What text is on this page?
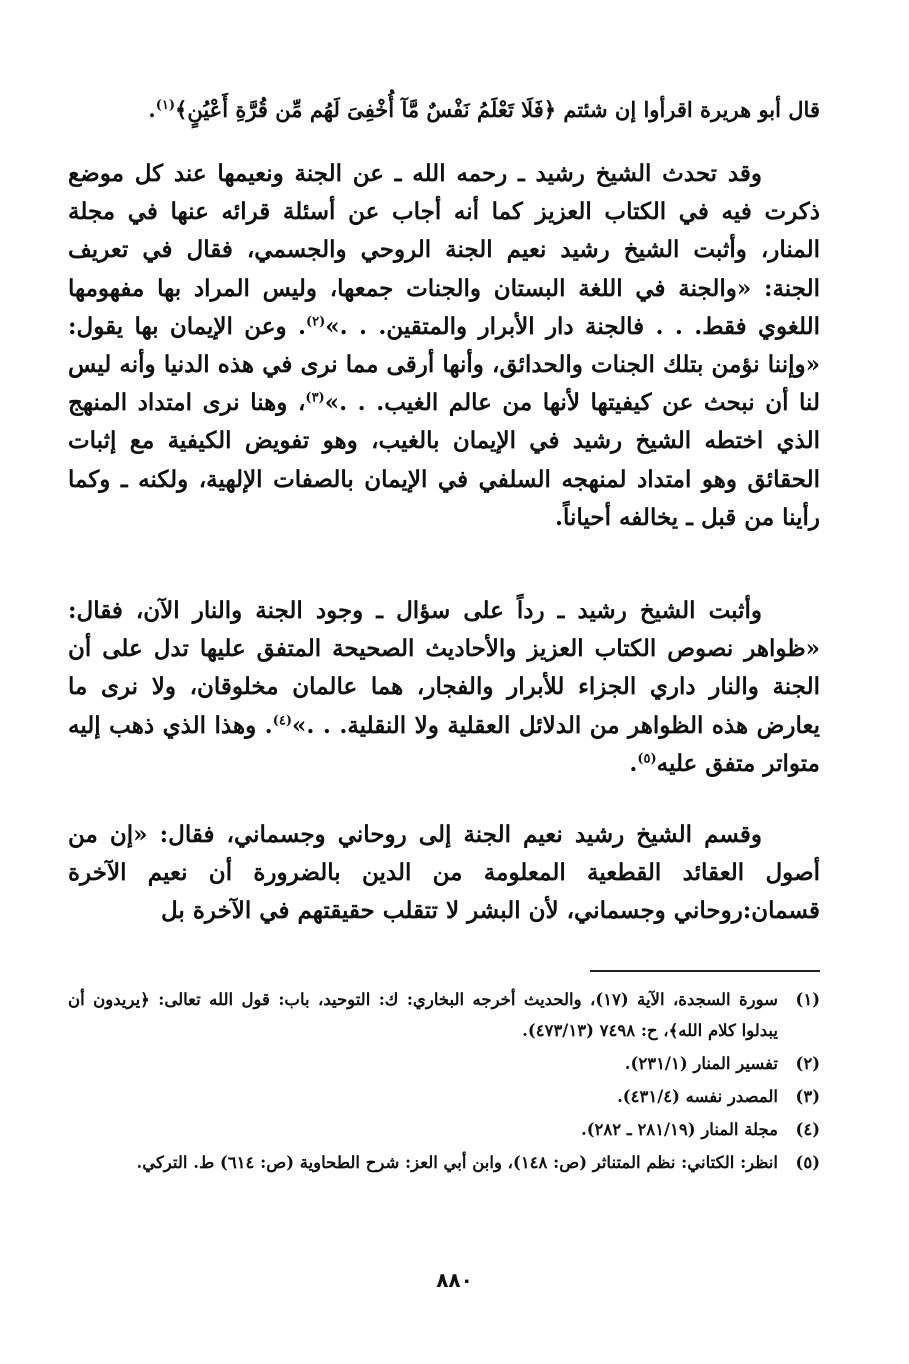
قال أبو هريرة اقرأوا إن شئتم ﴿فَلَا تَعْلَمُ نَفْسٌ مَّآ أُخْفِىَ لَهُم مِّن قُرَّةِ أَعْيُنٍ﴾$^{(١)}$.

وقد تحدث الشيخ رشيد ـ رحمه الله ـ عن الجنة ونعيمها عند كل موضع ذكرت فيه في الكتاب العزيز كما أنه أجاب عن أسئلة قرائه عنها في مجلة المنار، وأثبت الشيخ رشيد نعيم الجنة الروحي والجسمي، فقال في تعريف الجنة: «والجنة في اللغة البستان والجنات جمعها، وليس المراد بها مفهومها اللغوي فقط. . . فالجنة دار الأبرار والمتقين. . .»$^{(٢)}$. وعن الإيمان بها يقول: «وإننا نؤمن بتلك الجنات والحدائق، وأنها أرقى مما نرى في هذه الدنيا وأنه ليس لنا أن نبحث عن كيفيتها لأنها من عالم الغيب. . .»$^{(٣)}$، وهنا نرى امتداد المنهج الذي اختطه الشيخ رشيد في الإيمان بالغيب، وهو تفويض الكيفية مع إثبات الحقائق وهو امتداد لمنهجه السلفي في الإيمان بالصفات الإلهية، ولكنه ـ وكما رأينا من قبل ـ يخالفه أحياناً.

وأثبت الشيخ رشيد ـ رداً على سؤال ـ وجود الجنة والنار الآن، فقال: «ظواهر نصوص الكتاب العزيز والأحاديث الصحيحة المتفق عليها تدل على أن الجنة والنار داري الجزاء للأبرار والفجار، هما عالمان مخلوقان، ولا نرى ما يعارض هذه الظواهر من الدلائل العقلية ولا النقلية. . .»$^{(٤)}$. وهذا الذي ذهب إليه متواتر متفق عليه$^{(٥)}$.

وقسم الشيخ رشيد نعيم الجنة إلى روحاني وجسماني، فقال: «إن من أصول العقائد القطعية المعلومة من الدين بالضرورة أن نعيم الآخرة قسمان:روحاني وجسماني، لأن البشر لا تتقلب حقيقتهم في الآخرة بل

(١)
سورة السجدة، الآية (١٧)، والحديث أخرجه البخاري: ك: التوحيد، باب: قول الله تعالى: ﴿يريدون أن يبدلوا كلام الله﴾، ح: ٧٤٩٨ (٤٧٣/١٣).
(٢)
تفسير المنار (٢٣١/١).
(٣)
المصدر نفسه (٤٣١/٤).
(٤)
مجلة المنار (٢٨١/١٩ ـ ٢٨٢).
(٥)
انظر: الكتاني: نظم المتناثر (ص: ١٤٨)، وابن أبي العز: شرح الطحاوية (ص: ٦١٤) ط. التركي.
٨٨٠
